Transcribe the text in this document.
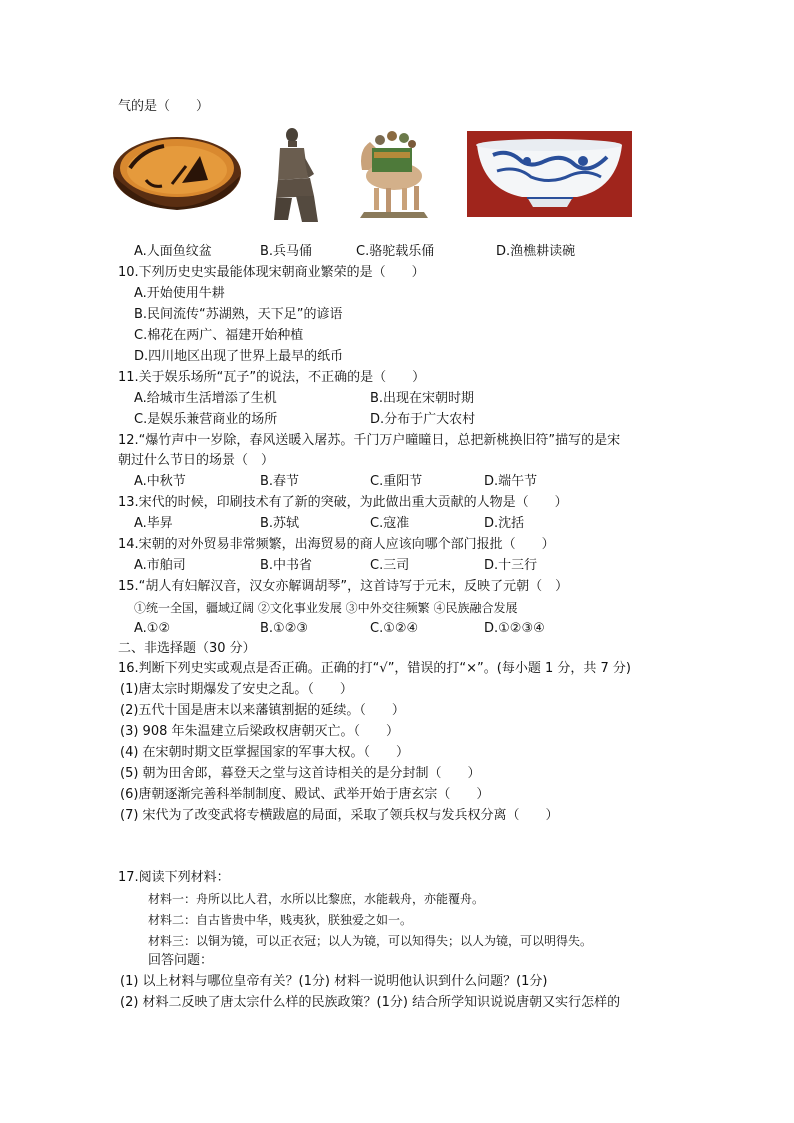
气的是（　　）
A.人面鱼纹盆	B.兵马俑	C.骆驼载乐俑	D.渔樵耕读碗
10.下列历史史实最能体现宋朝商业繁荣的是（　　）
A.开始使用牛耕
B.民间流传“苏湖熟，天下足”的谚语
C.棉花在两广、福建开始种植
D.四川地区出现了世界上最早的纸币
11.关于娱乐场所“瓦子”的说法，不正确的是（　　）
A.给城市生活增添了生机	B.出现在宋朝时期
C.是娱乐兼营商业的场所	D.分布于广大农村
12.“爆竹声中一岁除，春风送暖入屠苏。千门万户曈曈日，总把新桃换旧符”描写的是宋
朝过什么节日的场景（　）
A.中秋节	B.春节	C.重阳节	D.端午节
13.宋代的时候，印刷技术有了新的突破，为此做出重大贡献的人物是（　　）
A.毕昇	B.苏轼	C.寇准	D.沈括
14.宋朝的对外贸易非常频繁，出海贸易的商人应该向哪个部门报批（　　）
A.市舶司	B.中书省	C.三司	D.十三行
15.“胡人有妇解汉音，汉女亦解调胡琴”，这首诗写于元末，反映了元朝（　）
①统一全国，疆域辽阔 ②文化事业发展 ③中外交往频繁 ④民族融合发展
A.①②	B.①②③	C.①②④	D.①②③④
二、非选择题（30 分）
16.判断下列史实或观点是否正确。正确的打“√”，错误的打“×”。(每小题 1 分，共 7 分)
(1)唐太宗时期爆发了安史之乱。（　　）
(2)五代十国是唐末以来藩镇割据的延续。（　　）
(3) 908 年朱温建立后梁政权唐朝灭亡。（　　）
(4) 在宋朝时期文臣掌握国家的军事大权。（　　）
(5) 朝为田舍郎，暮登天之堂与这首诗相关的是分封制（　　）
(6)唐朝逐渐完善科举制制度、殿试、武举开始于唐玄宗（　　）
(7) 宋代为了改变武将专横跋扈的局面，采取了领兵权与发兵权分离（　　）
17.阅读下列材料：
材料一：舟所以比人君，水所以比黎庶，水能载舟，亦能覆舟。
材料二：自古皆贵中华，贱夷狄，朕独爱之如一。
材料三：以铜为镜，可以正衣冠；以人为镜，可以知得失；以人为镜，可以明得失。
回答问题：
(1) 以上材料与哪位皇帝有关？(1分) 材料一说明他认识到什么问题？(1分)
(2) 材料二反映了唐太宗什么样的民族政策？(1分) 结合所学知识说说唐朝又实行怎样的
